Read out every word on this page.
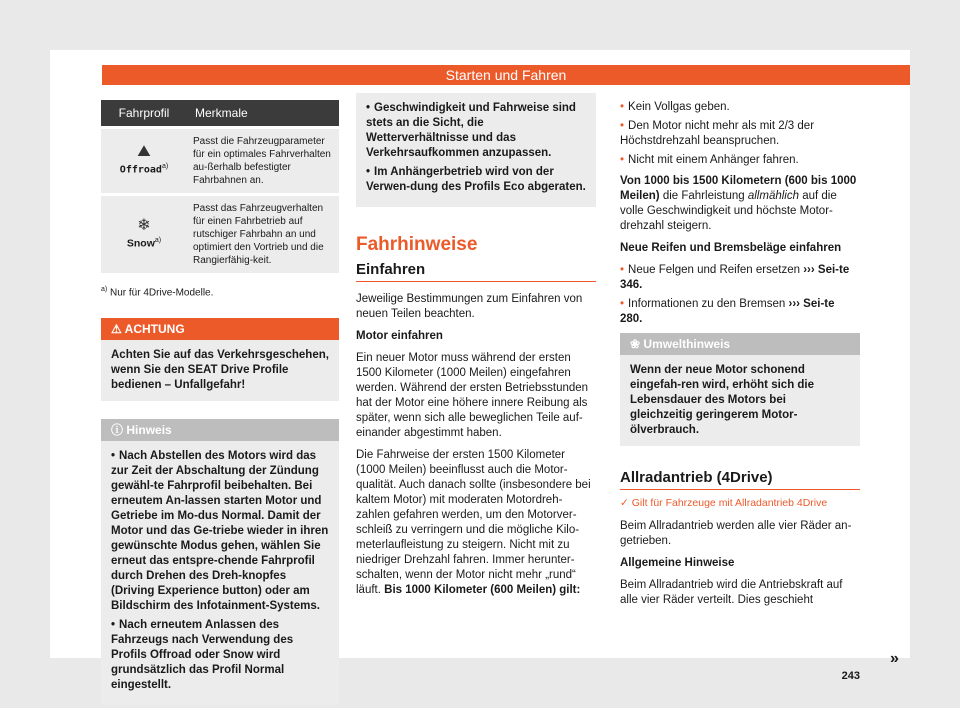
Starten und Fahren
Fahrprofil	Merkmale

⛰
Offroad$^{a)}$	Passt die Fahrzeugparameter für ein optimales Fahrverhalten au-ßerhalb befestigter Fahrbahnen an.

❄
Snow$^{a)}$	Passt das Fahrzeugverhalten für einen Fahrbetrieb auf rutschiger Fahrbahn an und optimiert den Vortrieb und die Rangierfähig-keit.
$^{a)}$ Nur für 4Drive-Modelle.
⚠ ACHTUNG
Achten Sie auf das Verkehrsgeschehen, wenn Sie den SEAT Drive Profile bedienen – Unfallgefahr!
ⓘ Hinweis
• Nach Abstellen des Motors wird das zur Zeit der Abschaltung der Zündung gewähl-te Fahrprofil beibehalten. Bei erneutem An-lassen starten Motor und Getriebe im Mo-dus Normal. Damit der Motor und das Ge-triebe wieder in ihren gewünschte Modus gehen, wählen Sie erneut das entspre-chende Fahrprofil durch Drehen des Dreh-knopfes (Driving Experience button) oder am Bildschirm des Infotainment-Systems.
• Nach erneutem Anlassen des Fahrzeugs nach Verwendung des Profils Offroad oder Snow wird grundsätzlich das Profil Normal eingestellt.
• Geschwindigkeit und Fahrweise sind stets an die Sicht, die Wetterverhältnisse und das Verkehrsaufkommen anzupassen.
• Im Anhängerbetrieb wird von der Verwen-dung des Profils Eco abgeraten.
Fahrhinweise
Einfahren

Jeweilige Bestimmungen zum Einfahren von neuen Teilen beachten.

Motor einfahren

Ein neuer Motor muss während der ersten 1500 Kilometer (1000 Meilen) eingefahren werden. Während der ersten Betriebsstunden hat der Motor eine höhere innere Reibung als später, wenn sich alle beweglichen Teile auf-einander abgestimmt haben.

Die Fahrweise der ersten 1500 Kilometer (1000 Meilen) beeinflusst auch die Motor-qualität. Auch danach sollte (insbesondere bei kaltem Motor) mit moderaten Motordreh-zahlen gefahren werden, um den Motorver-schleiß zu verringern und die mögliche Kilo-meterlaufleistung zu steigern. Nicht mit zu niedriger Drehzahl fahren. Immer herunter-schalten, wenn der Motor nicht mehr „rund“ läuft. Bis 1000 Kilometer (600 Meilen) gilt:

• Kein Vollgas geben.
• Den Motor nicht mehr als mit 2/3 der Höchstdrehzahl beanspruchen.
• Nicht mit einem Anhänger fahren.

Von 1000 bis 1500 Kilometern (600 bis 1000 Meilen) die Fahrleistung allmählich auf die volle Geschwindigkeit und höchste Motor-drehzahl steigern.

Neue Reifen und Bremsbeläge einfahren

• Neue Felgen und Reifen ersetzen ››› Sei-te 346.
• Informationen zu den Bremsen ››› Sei-te 280.
❀ Umwelthinweis
Wenn der neue Motor schonend eingefah-ren wird, erhöht sich die Lebensdauer des Motors bei gleichzeitig geringerem Motor-ölverbrauch.
Allradantrieb (4Drive)
✓ Gilt für Fahrzeuge mit Allradantrieb 4Drive

Beim Allradantrieb werden alle vier Räder an-getrieben.

Allgemeine Hinweise

Beim Allradantrieb wird die Antriebskraft auf alle vier Räder verteilt. Dies geschieht

»
243
